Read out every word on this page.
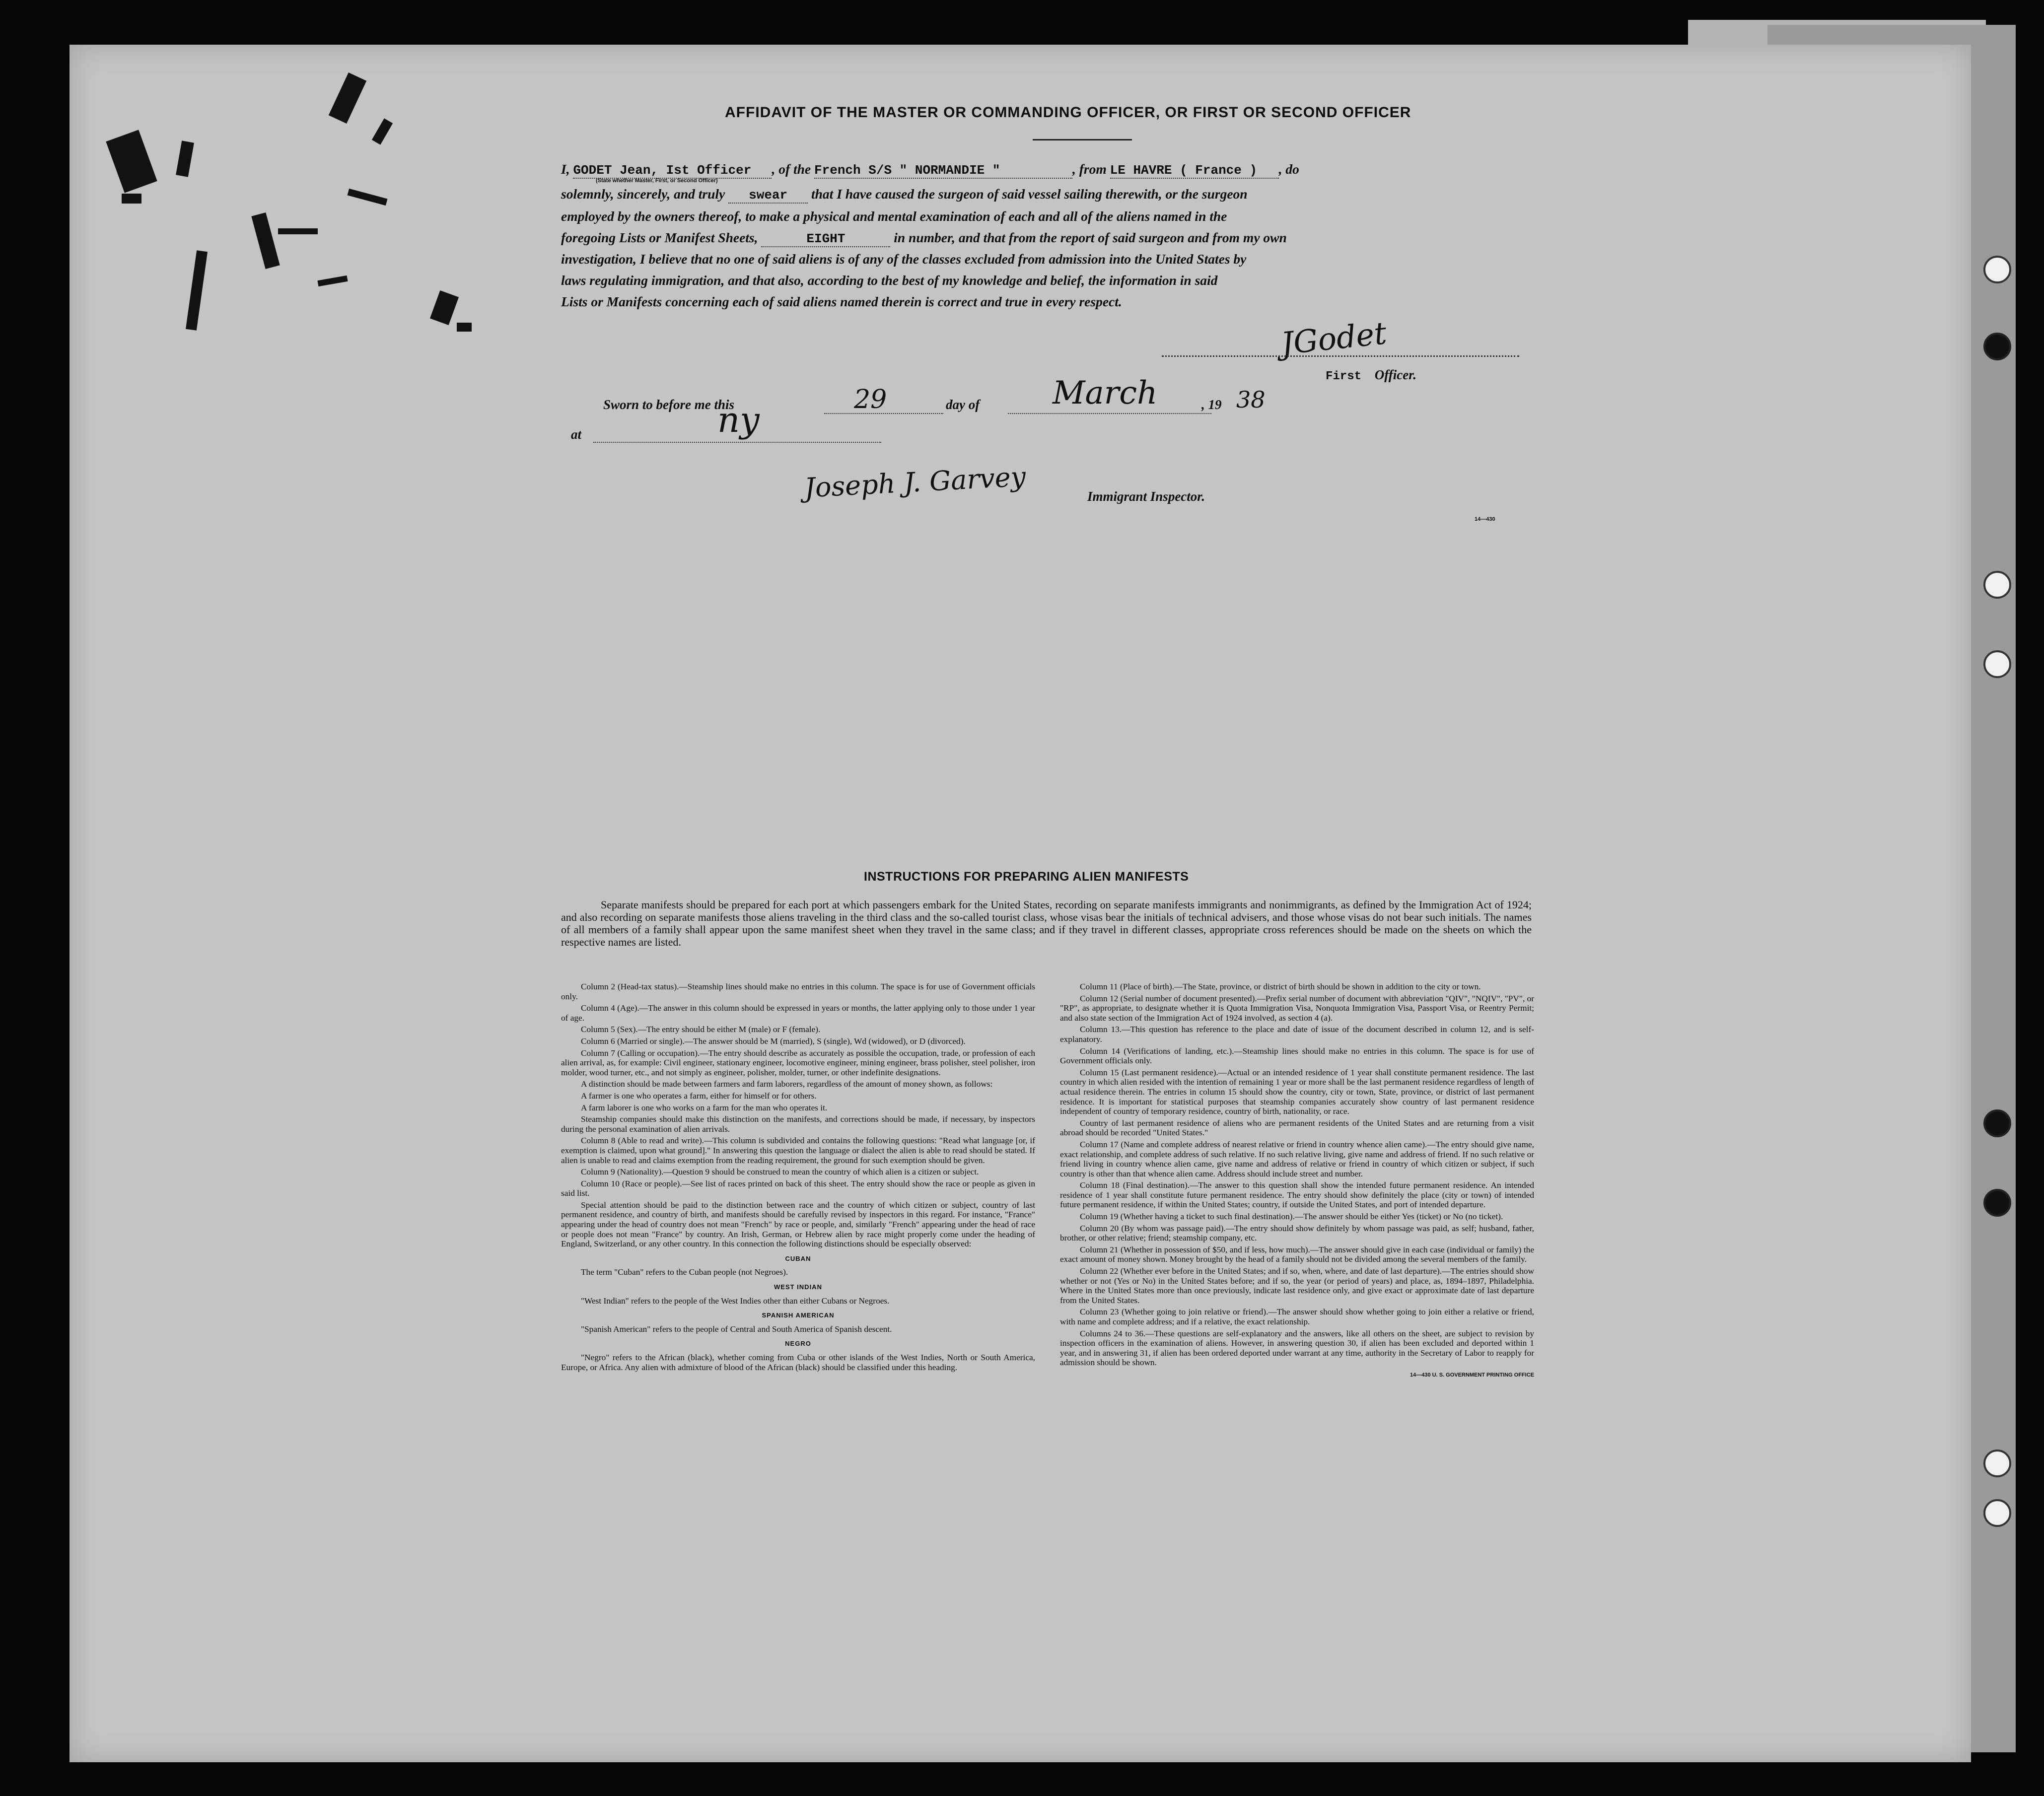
AFFIDAVIT OF THE MASTER OR COMMANDING OFFICER, OR FIRST OR SECOND OFFICER
I, GODET Jean, Ist Officer , of the French S/S " NORMANDIE "	, from LE HAVRE ( France ) , do
(State whether Master, First, or Second Officer)
solemnly, sincerely, and truly swear that I have caused the surgeon of said vessel sailing therewith, or the surgeon
employed by the owners thereof, to make a physical and mental examination of each and all of the aliens named in the
foregoing Lists or Manifest Sheets,	EIGHT	in number, and that from the report of said surgeon and from my own
investigation, I believe that no one of said aliens is of any of the classes excluded from admission into the United States by
laws regulating immigration, and that also, according to the best of my knowledge and belief, the information in said
Lists or Manifests concerning each of said aliens named therein is correct and true in every respect.
JGodet
First Officer.
Sworn to before me this	29	day of March	, 19 38
at	ny
Joseph J. Garvey	Immigrant Inspector.
14—430
INSTRUCTIONS FOR PREPARING ALIEN MANIFESTS
Separate manifests should be prepared for each port at which passengers embark for the United States, recording on separate manifests immigrants and nonimmigrants, as defined by the Immigration Act of 1924; and also recording on separate manifests those aliens traveling in the third class and the so-called tourist class, whose visas bear the initials of technical advisers, and those whose visas do not bear such initials. The names of all members of a family shall appear upon the same manifest sheet when they travel in the same class; and if they travel in different classes, appropriate cross references should be made on the sheets on which the respective names are listed.

Column 2 (Head-tax status).—Steamship lines should make no entries in this column. The space is for use of Government officials only.

Column 4 (Age).—The answer in this column should be expressed in years or months, the latter applying only to those under 1 year of age.

Column 5 (Sex).—The entry should be either M (male) or F (female).

Column 6 (Married or single).—The answer should be M (married), S (single), Wd (widowed), or D (divorced).

Column 7 (Calling or occupation).—The entry should describe as accurately as possible the occupation, trade, or profession of each alien arrival, as, for example: Civil engineer, stationary engineer, locomotive engineer, mining engineer, brass polisher, steel polisher, iron molder, wood turner, etc., and not simply as engineer, polisher, molder, turner, or other indefinite designations.

A distinction should be made between farmers and farm laborers, regardless of the amount of money shown, as follows:

A farmer is one who operates a farm, either for himself or for others.

A farm laborer is one who works on a farm for the man who operates it.

Steamship companies should make this distinction on the manifests, and corrections should be made, if necessary, by inspectors during the personal examination of alien arrivals.

Column 8 (Able to read and write).—This column is subdivided and contains the following questions: "Read what language [or, if exemption is claimed, upon what ground]." In answering this question the language or dialect the alien is able to read should be stated. If alien is unable to read and claims exemption from the reading requirement, the ground for such exemption should be given.

Column 9 (Nationality).—Question 9 should be construed to mean the country of which alien is a citizen or subject.

Column 10 (Race or people).—See list of races printed on back of this sheet. The entry should show the race or people as given in said list.

Special attention should be paid to the distinction between race and the country of which citizen or subject, country of last permanent residence, and country of birth, and manifests should be carefully revised by inspectors in this regard. For instance, "France" appearing under the head of country does not mean "French" by race or people, and, similarly "French" appearing under the head of race or people does not mean "France" by country. An Irish, German, or Hebrew alien by race might properly come under the heading of England, Switzerland, or any other country. In this connection the following distinctions should be especially observed:

CUBAN

The term "Cuban" refers to the Cuban people (not Negroes).

WEST INDIAN

"West Indian" refers to the people of the West Indies other than either Cubans or Negroes.

SPANISH AMERICAN

"Spanish American" refers to the people of Central and South America of Spanish descent.

NEGRO

"Negro" refers to the African (black), whether coming from Cuba or other islands of the West Indies, North or South America, Europe, or Africa. Any alien with admixture of blood of the African (black) should be classified under this heading.

Column 11 (Place of birth).—The State, province, or district of birth should be shown in addition to the city or town.

Column 12 (Serial number of document presented).—Prefix serial number of document with abbreviation "QIV", "NQIV", "PV", or "RP", as appropriate, to designate whether it is Quota Immigration Visa, Nonquota Immigration Visa, Passport Visa, or Reentry Permit; and also state section of the Immigration Act of 1924 involved, as section 4 (a).

Column 13.—This question has reference to the place and date of issue of the document described in column 12, and is self-explanatory.

Column 14 (Verifications of landing, etc.).—Steamship lines should make no entries in this column. The space is for use of Government officials only.

Column 15 (Last permanent residence).—Actual or an intended residence of 1 year shall constitute permanent residence. The last country in which alien resided with the intention of remaining 1 year or more shall be the last permanent residence regardless of length of actual residence therein. The entries in column 15 should show the country, city or town, State, province, or district of last permanent residence. It is important for statistical purposes that steamship companies accurately show country of last permanent residence independent of country of temporary residence, country of birth, nationality, or race.

Country of last permanent residence of aliens who are permanent residents of the United States and are returning from a visit abroad should be recorded "United States."

Column 17 (Name and complete address of nearest relative or friend in country whence alien came).—The entry should give name, exact relationship, and complete address of such relative. If no such relative living, give name and address of friend. If no such relative or friend living in country whence alien came, give name and address of relative or friend in country of which citizen or subject, if such country is other than that whence alien came. Address should include street and number.

Column 18 (Final destination).—The answer to this question shall show the intended future permanent residence. An intended residence of 1 year shall constitute future permanent residence. The entry should show definitely the place (city or town) of intended future permanent residence, if within the United States; country, if outside the United States, and port of intended departure.

Column 19 (Whether having a ticket to such final destination).—The answer should be either Yes (ticket) or No (no ticket).

Column 20 (By whom was passage paid).—The entry should show definitely by whom passage was paid, as self; husband, father, brother, or other relative; friend; steamship company, etc.

Column 21 (Whether in possession of $50, and if less, how much).—The answer should give in each case (individual or family) the exact amount of money shown. Money brought by the head of a family should not be divided among the several members of the family.

Column 22 (Whether ever before in the United States; and if so, when, where, and date of last departure).—The entries should show whether or not (Yes or No) in the United States before; and if so, the year (or period of years) and place, as, 1894–1897, Philadelphia. Where in the United States more than once previously, indicate last residence only, and give exact or approximate date of last departure from the United States.

Column 23 (Whether going to join relative or friend).—The answer should show whether going to join either a relative or friend, with name and complete address; and if a relative, the exact relationship.

Columns 24 to 36.—These questions are self-explanatory and the answers, like all others on the sheet, are subject to revision by inspection officers in the examination of aliens. However, in answering question 30, if alien has been excluded and deported within 1 year, and in answering 31, if alien has been ordered deported under warrant at any time, authority in the Secretary of Labor to reapply for admission should be shown.

14—430 U. S. GOVERNMENT PRINTING OFFICE
